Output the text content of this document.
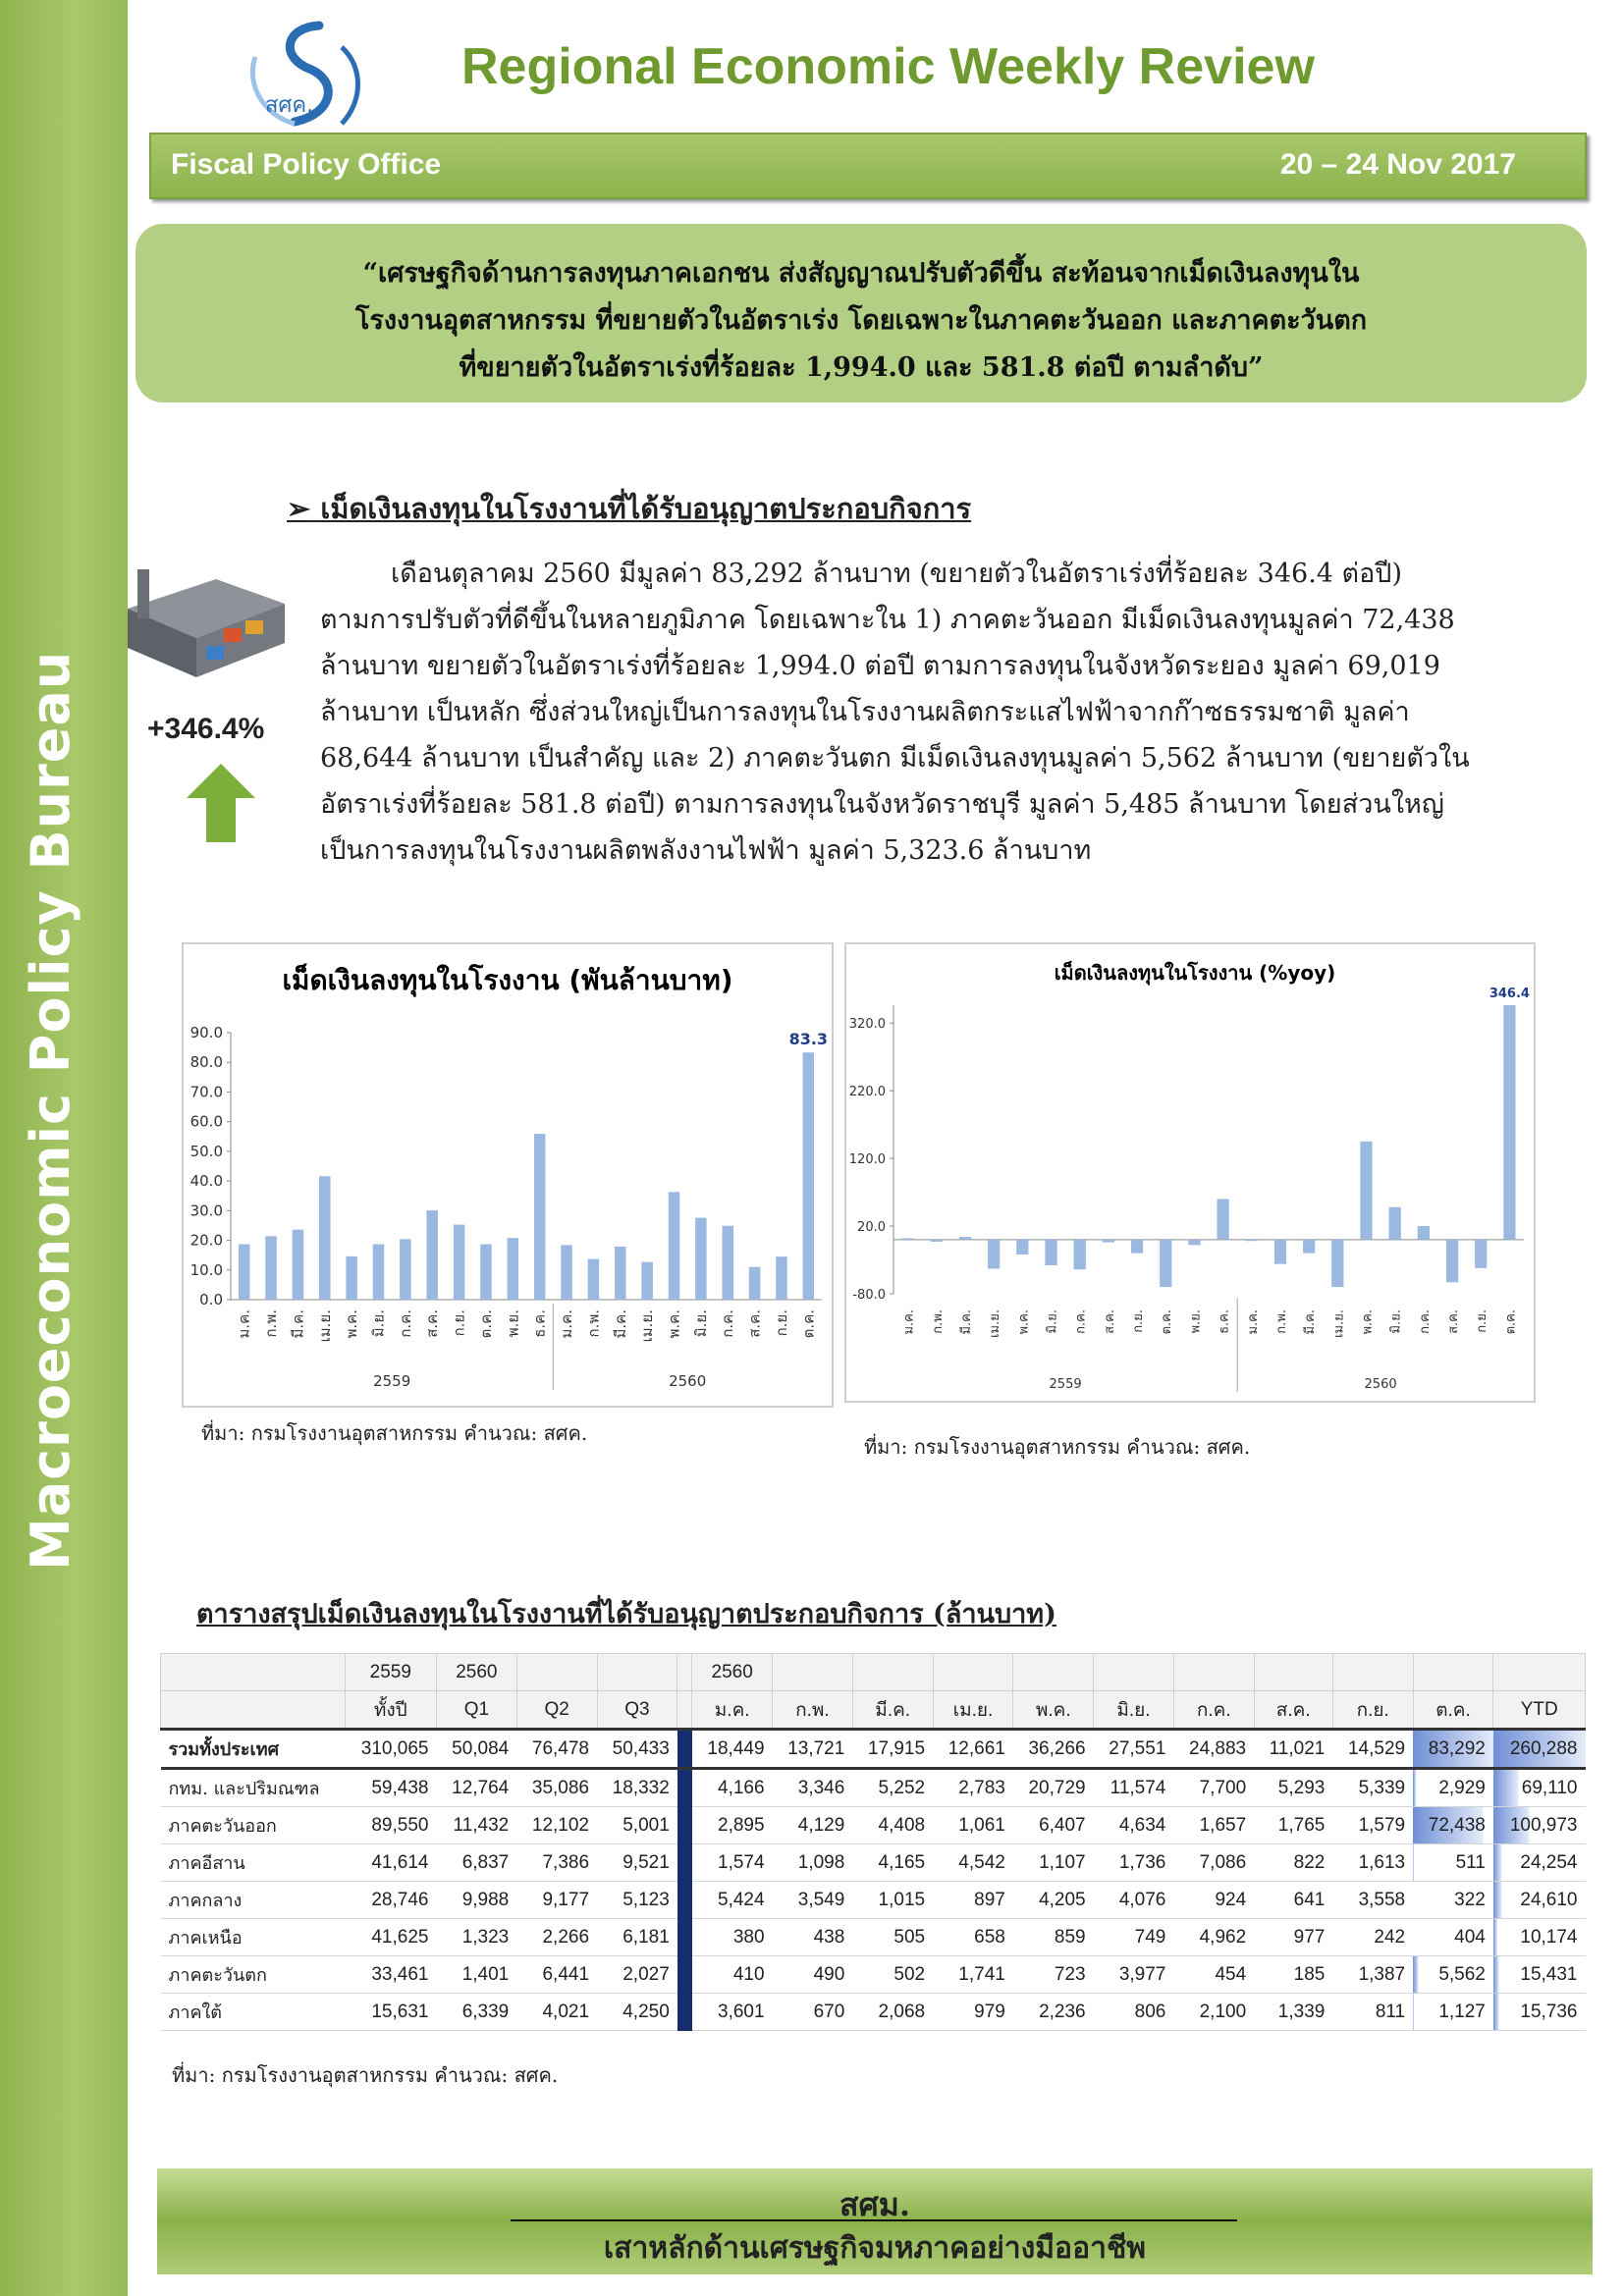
Macroeconomic Policy Bureau
สศค.
Regional Economic Weekly Review
Fiscal Policy Office	20 – 24 Nov 2017
“เศรษฐกิจด้านการลงทุนภาคเอกชน ส่งสัญญาณปรับตัวดีขึ้น สะท้อนจากเม็ดเงินลงทุนใน
โรงงานอุตสาหกรรม ที่ขยายตัวในอัตราเร่ง โดยเฉพาะในภาคตะวันออก และภาคตะวันตก
ที่ขยายตัวในอัตราเร่งที่ร้อยละ 1,994.0 และ 581.8 ต่อปี ตามลำดับ”
➢ เม็ดเงินลงทุนในโรงงานที่ได้รับอนุญาตประกอบกิจการ
+346.4%
เดือนตุลาคม 2560 มีมูลค่า 83,292 ล้านบาท (ขยายตัวในอัตราเร่งที่ร้อยละ 346.4 ต่อปี)
ตามการปรับตัวที่ดีขึ้นในหลายภูมิภาค โดยเฉพาะใน 1) ภาคตะวันออก มีเม็ดเงินลงทุนมูลค่า 72,438
ล้านบาท ขยายตัวในอัตราเร่งที่ร้อยละ 1,994.0 ต่อปี ตามการลงทุนในจังหวัดระยอง มูลค่า 69,019
ล้านบาท เป็นหลัก ซึ่งส่วนใหญ่เป็นการลงทุนในโรงงานผลิตกระแสไฟฟ้าจากก๊าซธรรมชาติ มูลค่า
68,644 ล้านบาท เป็นสำคัญ และ 2) ภาคตะวันตก มีเม็ดเงินลงทุนมูลค่า 5,562 ล้านบาท (ขยายตัวใน
อัตราเร่งที่ร้อยละ 581.8 ต่อปี) ตามการลงทุนในจังหวัดราชบุรี มูลค่า 5,485 ล้านบาท โดยส่วนใหญ่
เป็นการลงทุนในโรงงานผลิตพลังงานไฟฟ้า มูลค่า 5,323.6 ล้านบาท
เม็ดเงินลงทุนในโรงงาน (พันล้านบาท)
0.0
10.0
20.0
30.0
40.0
50.0
60.0
70.0
80.0
90.0
ม.ค. ก.พ. มี.ค. เม.ย. พ.ค. มิ.ย. ก.ค. ส.ค. ก.ย. ต.ค. พ.ย. ธ.ค. ม.ค. ก.พ. มี.ค. เม.ย. พ.ค. มิ.ย. ก.ค. ส.ค. ก.ย. ต.ค.
83.3
2559	2560
เม็ดเงินลงทุนในโรงงาน (%yoy)
-80.0
20.0
120.0
220.0
320.0
ม.ค. ก.พ. มี.ค. เม.ย. พ.ค. มิ.ย. ก.ค. ส.ค. ก.ย. ต.ค. พ.ย. ธ.ค. ม.ค. ก.พ. มี.ค. เม.ย. พ.ค. มิ.ย. ก.ค. ส.ค. ก.ย. ต.ค.
346.4
2559	2560
ที่มา: กรมโรงงานอุตสาหกรรม คำนวณ: สศค.
ที่มา: กรมโรงงานอุตสาหกรรม คำนวณ: สศค.
ตารางสรุปเม็ดเงินลงทุนในโรงงานที่ได้รับอนุญาตประกอบกิจการ (ล้านบาท)
	2559	2560				2560										
	ทั้งปี	Q1	Q2	Q3		ม.ค.	ก.พ.	มี.ค.	เม.ย.	พ.ค.	มิ.ย.	ก.ค.	ส.ค.	ก.ย.	ต.ค.	YTD
รวมทั้งประเทศ	310,065	50,084	76,478	50,433		18,449	13,721	17,915	12,661	36,266	27,551	24,883	11,021	14,529	83,292	260,288
กทม. และปริมณฑล	59,438	12,764	35,086	18,332		4,166	3,346	5,252	2,783	20,729	11,574	7,700	5,293	5,339	2,929	69,110
ภาคตะวันออก	89,550	11,432	12,102	5,001		2,895	4,129	4,408	1,061	6,407	4,634	1,657	1,765	1,579	72,438	100,973
ภาคอีสาน	41,614	6,837	7,386	9,521		1,574	1,098	4,165	4,542	1,107	1,736	7,086	822	1,613	511	24,254
ภาคกลาง	28,746	9,988	9,177	5,123		5,424	3,549	1,015	897	4,205	4,076	924	641	3,558	322	24,610
ภาคเหนือ	41,625	1,323	2,266	6,181		380	438	505	658	859	749	4,962	977	242	404	10,174
ภาคตะวันตก	33,461	1,401	6,441	2,027		410	490	502	1,741	723	3,977	454	185	1,387	5,562	15,431
ภาคใต้	15,631	6,339	4,021	4,250		3,601	670	2,068	979	2,236	806	2,100	1,339	811	1,127	15,736
ที่มา: กรมโรงงานอุตสาหกรรม คำนวณ: สศค.
สศม.
เสาหลักด้านเศรษฐกิจมหภาคอย่างมืออาชีพ
